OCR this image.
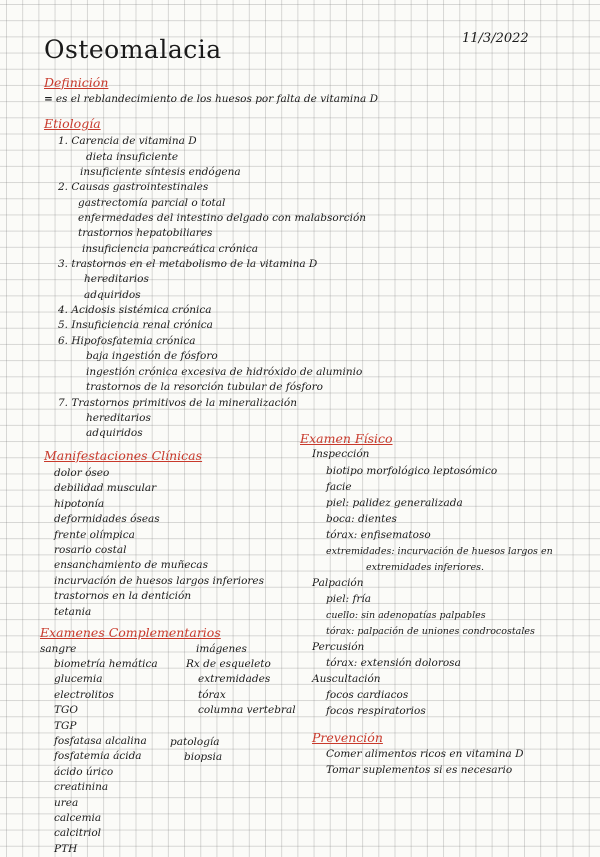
Osteomalacia	11/3/2022
Definición
= es el reblandecimiento de los huesos por falta de vitamina D
Etiología
1. Carencia de vitamina D
dieta insuficiente
insuficiente síntesis endógena
2. Causas gastrointestinales
gastrectomía parcial o total
enfermedades del intestino delgado con malabsorción
trastornos hepatobiliares
insuficiencia pancreática crónica
3. trastornos en el metabolismo de la vitamina D
hereditarios
adquiridos
4. Acidosis sistémica crónica
5. Insuficiencia renal crónica
6. Hipofosfatemia crónica
baja ingestión de fósforo
ingestión crónica excesiva de hidróxido de aluminio
trastornos de la resorción tubular de fósforo
7. Trastornos primitivos de la mineralización
hereditarios
adquiridos
Manifestaciones Clínicas
dolor óseo
debilidad muscular
hipotonía
deformidades óseas
frente olímpica
rosario costal
ensanchamiento de muñecas
incurvación de huesos largos inferiores
trastornos en la dentición
tetania
Examenes Complementarios
sangre
biometría hemática
glucemia
electrolitos
TGO
TGP
fosfatasa alcalina
fosfatemia ácida
ácido úrico
creatinina
urea
calcemia
calcitriol
PTH
imágenes
Rx de esqueleto
extremidades
tórax
columna vertebral
patología
biopsia
Examen Físico
Inspección
biotipo morfológico leptosómico
facie
piel: palidez generalizada
boca: dientes
tórax: enfisematoso
extremidades: incurvación de huesos largos en
extremidades inferiores.
Palpación
piel: fría
cuello: sin adenopatías palpables
tórax: palpación de uniones condrocostales
Percusión
tórax: extensión dolorosa
Auscultación
focos cardiacos
focos respiratorios
Prevención
Comer alimentos ricos en vitamina D
Tomar suplementos si es necesario
